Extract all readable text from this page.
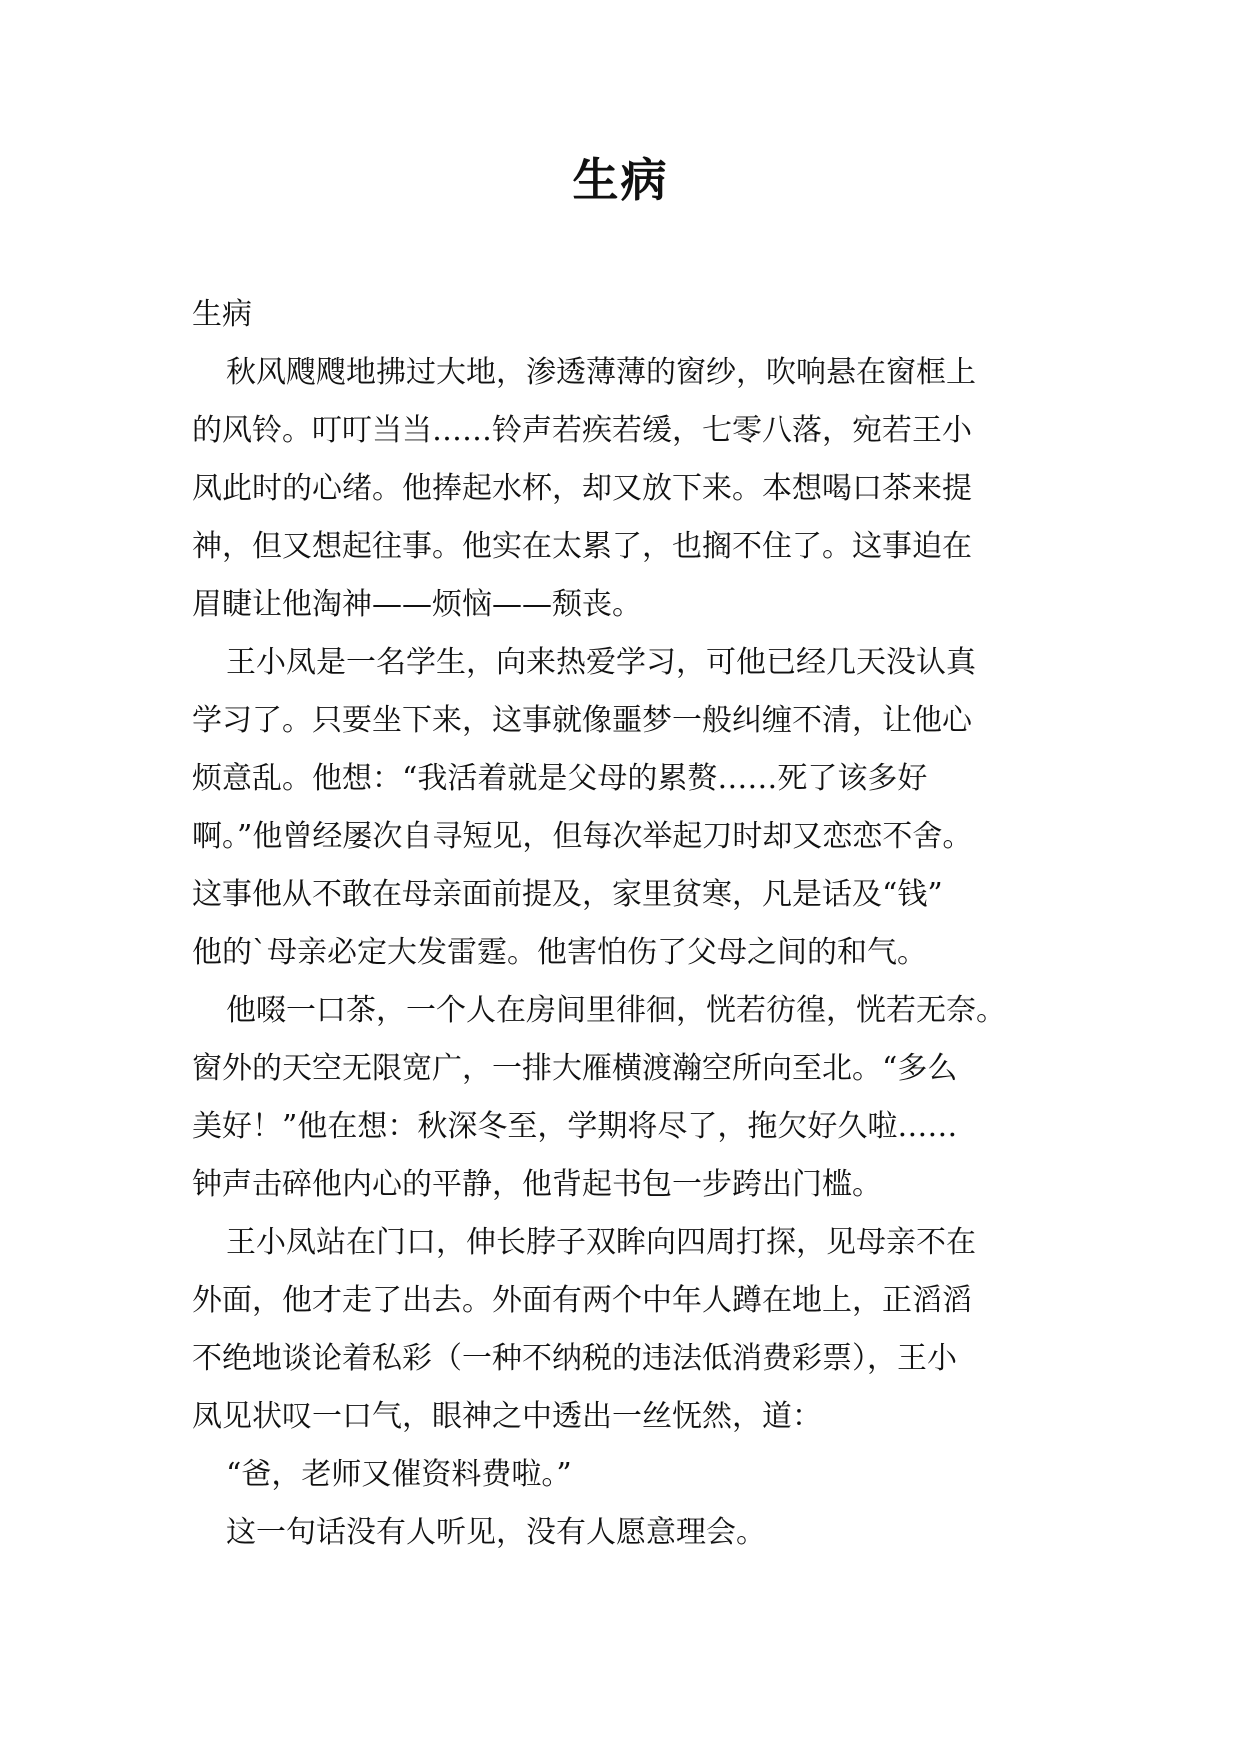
生病
生病
秋风飕飕地拂过大地，渗透薄薄的窗纱，吹响悬在窗框上
的风铃。叮叮当当……铃声若疾若缓，七零八落，宛若王小
凤此时的心绪。他捧起水杯，却又放下来。本想喝口茶来提
神，但又想起往事。他实在太累了，也搁不住了。这事迫在
眉睫让他淘神——烦恼——颓丧。
王小凤是一名学生，向来热爱学习，可他已经几天没认真
学习了。只要坐下来，这事就像噩梦一般纠缠不清，让他心
烦意乱。他想：“我活着就是父母的累赘……死了该多好
啊。”他曾经屡次自寻短见，但每次举起刀时却又恋恋不舍。
这事他从不敢在母亲面前提及，家里贫寒，凡是话及“钱”
他的`母亲必定大发雷霆。他害怕伤了父母之间的和气。
他啜一口茶，一个人在房间里徘徊，恍若彷徨，恍若无奈。
窗外的天空无限宽广，一排大雁横渡瀚空所向至北。“多么
美好！”他在想：秋深冬至，学期将尽了，拖欠好久啦……
钟声击碎他内心的平静，他背起书包一步跨出门槛。
王小凤站在门口，伸长脖子双眸向四周打探，见母亲不在
外面，他才走了出去。外面有两个中年人蹲在地上，正滔滔
不绝地谈论着私彩（一种不纳税的违法低消费彩票），王小
凤见状叹一口气，眼神之中透出一丝怃然，道：
“爸，老师又催资料费啦。”
这一句话没有人听见，没有人愿意理会。
